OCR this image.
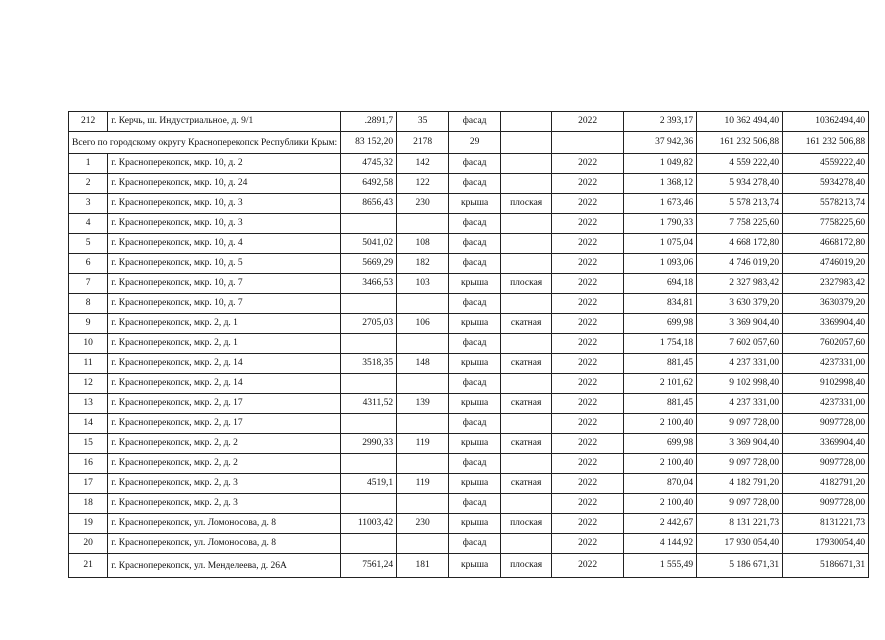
212	г. Керчь, ш. Индустриальное, д. 9/1	.2891,7	35	фасад		2022	2 393,17	10 362 494,40	10362494,40
Всего по городскому округу Красноперекопск Республики Крым:		83 152,20	2178	29			37 942,36	161 232 506,88	161 232 506,88
1	г. Красноперекопск, мкр. 10, д. 2	4745,32	142	фасад		2022	1 049,82	4 559 222,40	4559222,40
2	г. Красноперекопск, мкр. 10, д. 24	6492,58	122	фасад		2022	1 368,12	5 934 278,40	5934278,40
3	г. Красноперекопск, мкр. 10, д. 3	8656,43	230	крыша	плоская	2022	1 673,46	5 578 213,74	5578213,74
4	г. Красноперекопск, мкр. 10, д. 3			фасад		2022	1 790,33	7 758 225,60	7758225,60
5	г. Красноперекопск, мкр. 10, д. 4	5041,02	108	фасад		2022	1 075,04	4 668 172,80	4668172,80
6	г. Красноперекопск, мкр. 10, д. 5	5669,29	182	фасад		2022	1 093,06	4 746 019,20	4746019,20
7	г. Красноперекопск, мкр. 10, д. 7	3466,53	103	крыша	плоская	2022	694,18	2 327 983,42	2327983,42
8	г. Красноперекопск, мкр. 10, д. 7			фасад		2022	834,81	3 630 379,20	3630379,20
9	г. Красноперекопск, мкр. 2, д. 1	2705,03	106	крыша	скатная	2022	699,98	3 369 904,40	3369904,40
10	г. Красноперекопск, мкр. 2, д. 1			фасад		2022	1 754,18	7 602 057,60	7602057,60
11	г. Красноперекопск, мкр. 2, д. 14	3518,35	148	крыша	скатная	2022	881,45	4 237 331,00	4237331,00
12	г. Красноперекопск, мкр. 2, д. 14			фасад		2022	2 101,62	9 102 998,40	9102998,40
13	г. Красноперекопск, мкр. 2, д. 17	4311,52	139	крыша	скатная	2022	881,45	4 237 331,00	4237331,00
14	г. Красноперекопск, мкр. 2, д. 17			фасад		2022	2 100,40	9 097 728,00	9097728,00
15	г. Красноперекопск, мкр. 2, д. 2	2990,33	119	крыша	скатная	2022	699,98	3 369 904,40	3369904,40
16	г. Красноперекопск, мкр. 2, д. 2			фасад		2022	2 100,40	9 097 728,00	9097728,00
17	г. Красноперекопск, мкр. 2, д. 3	4519,1	119	крыша	скатная	2022	870,04	4 182 791,20	4182791,20
18	г. Красноперекопск, мкр. 2, д. 3			фасад		2022	2 100,40	9 097 728,00	9097728,00
19	г. Красноперекопск, ул. Ломоносова, д. 8	11003,42	230	крыша	плоская	2022	2 442,67	8 131 221,73	8131221,73
20	г. Красноперекопск, ул. Ломоносова, д. 8			фасад		2022	4 144,92	17 930 054,40	17930054,40
21	г. Красноперекопск, ул. Менделеева, д. 26А	7561,24	181	крыша	плоская	2022	1 555,49	5 186 671,31	5186671,31
